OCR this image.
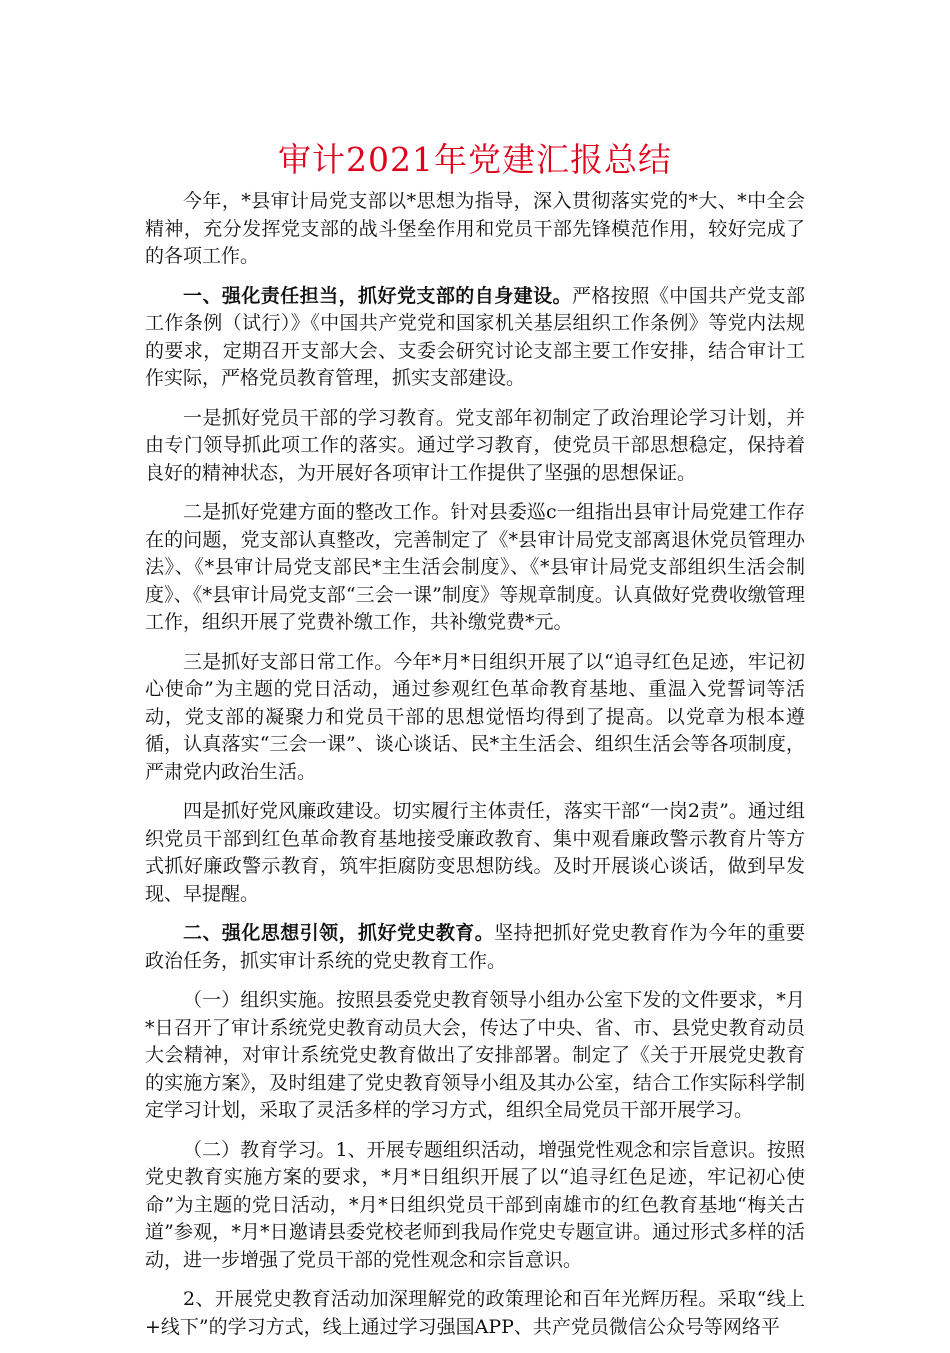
审计2021年党建汇报总结

今年，*县审计局党支部以*思想为指导，深入贯彻落实党的*大、*中全会精神，充分发挥党支部的战斗堡垒作用和党员干部先锋模范作用，较好完成了的各项工作。

一、强化责任担当，抓好党支部的自身建设。严格按照《中国共产党支部工作条例（试行）》《中国共产党党和国家机关基层组织工作条例》等党内法规的要求，定期召开支部大会、支委会研究讨论支部主要工作安排，结合审计工作实际，严格党员教育管理，抓实支部建设。

一是抓好党员干部的学习教育。党支部年初制定了政治理论学习计划，并由专门领导抓此项工作的落实。通过学习教育，使党员干部思想稳定，保持着良好的精神状态，为开展好各项审计工作提供了坚强的思想保证。

二是抓好党建方面的整改工作。针对县委巡c一组指出县审计局党建工作存在的问题，党支部认真整改，完善制定了《*县审计局党支部离退休党员管理办法》、《*县审计局党支部民*主生活会制度》、《*县审计局党支部组织生活会制度》、《*县审计局党支部“三会一课”制度》等规章制度。认真做好党费收缴管理工作，组织开展了党费补缴工作，共补缴党费*元。

三是抓好支部日常工作。今年*月*日组织开展了以“追寻红色足迹，牢记初心使命”为主题的党日活动，通过参观红色革命教育基地、重温入党誓词等活动，党支部的凝聚力和党员干部的思想觉悟均得到了提高。以党章为根本遵循，认真落实“三会一课”、谈心谈话、民*主生活会、组织生活会等各项制度，严肃党内政治生活。

四是抓好党风廉政建设。切实履行主体责任，落实干部“一岗2责”。通过组织党员干部到红色革命教育基地接受廉政教育、集中观看廉政警示教育片等方式抓好廉政警示教育，筑牢拒腐防变思想防线。及时开展谈心谈话，做到早发现、早提醒。

二、强化思想引领，抓好党史教育。坚持把抓好党史教育作为今年的重要政治任务，抓实审计系统的党史教育工作。

（一）组织实施。按照县委党史教育领导小组办公室下发的文件要求，*月*日召开了审计系统党史教育动员大会，传达了中央、省、市、县党史教育动员大会精神，对审计系统党史教育做出了安排部署。制定了《关于开展党史教育的实施方案》，及时组建了党史教育领导小组及其办公室，结合工作实际科学制定学习计划，采取了灵活多样的学习方式，组织全局党员干部开展学习。

（二）教育学习。1、开展专题组织活动，增强党性观念和宗旨意识。按照党史教育实施方案的要求，*月*日组织开展了以“追寻红色足迹，牢记初心使命”为主题的党日活动，*月*日组织党员干部到南雄市的红色教育基地“梅关古道”参观，*月*日邀请县委党校老师到我局作党史专题宣讲。通过形式多样的活动，进一步增强了党员干部的党性观念和宗旨意识。

2、开展党史教育活动加深理解党的政策理论和百年光辉历程。采取“线上+线下”的学习方式，线上通过学习强国APP、共产党员微信公众号等网络平
